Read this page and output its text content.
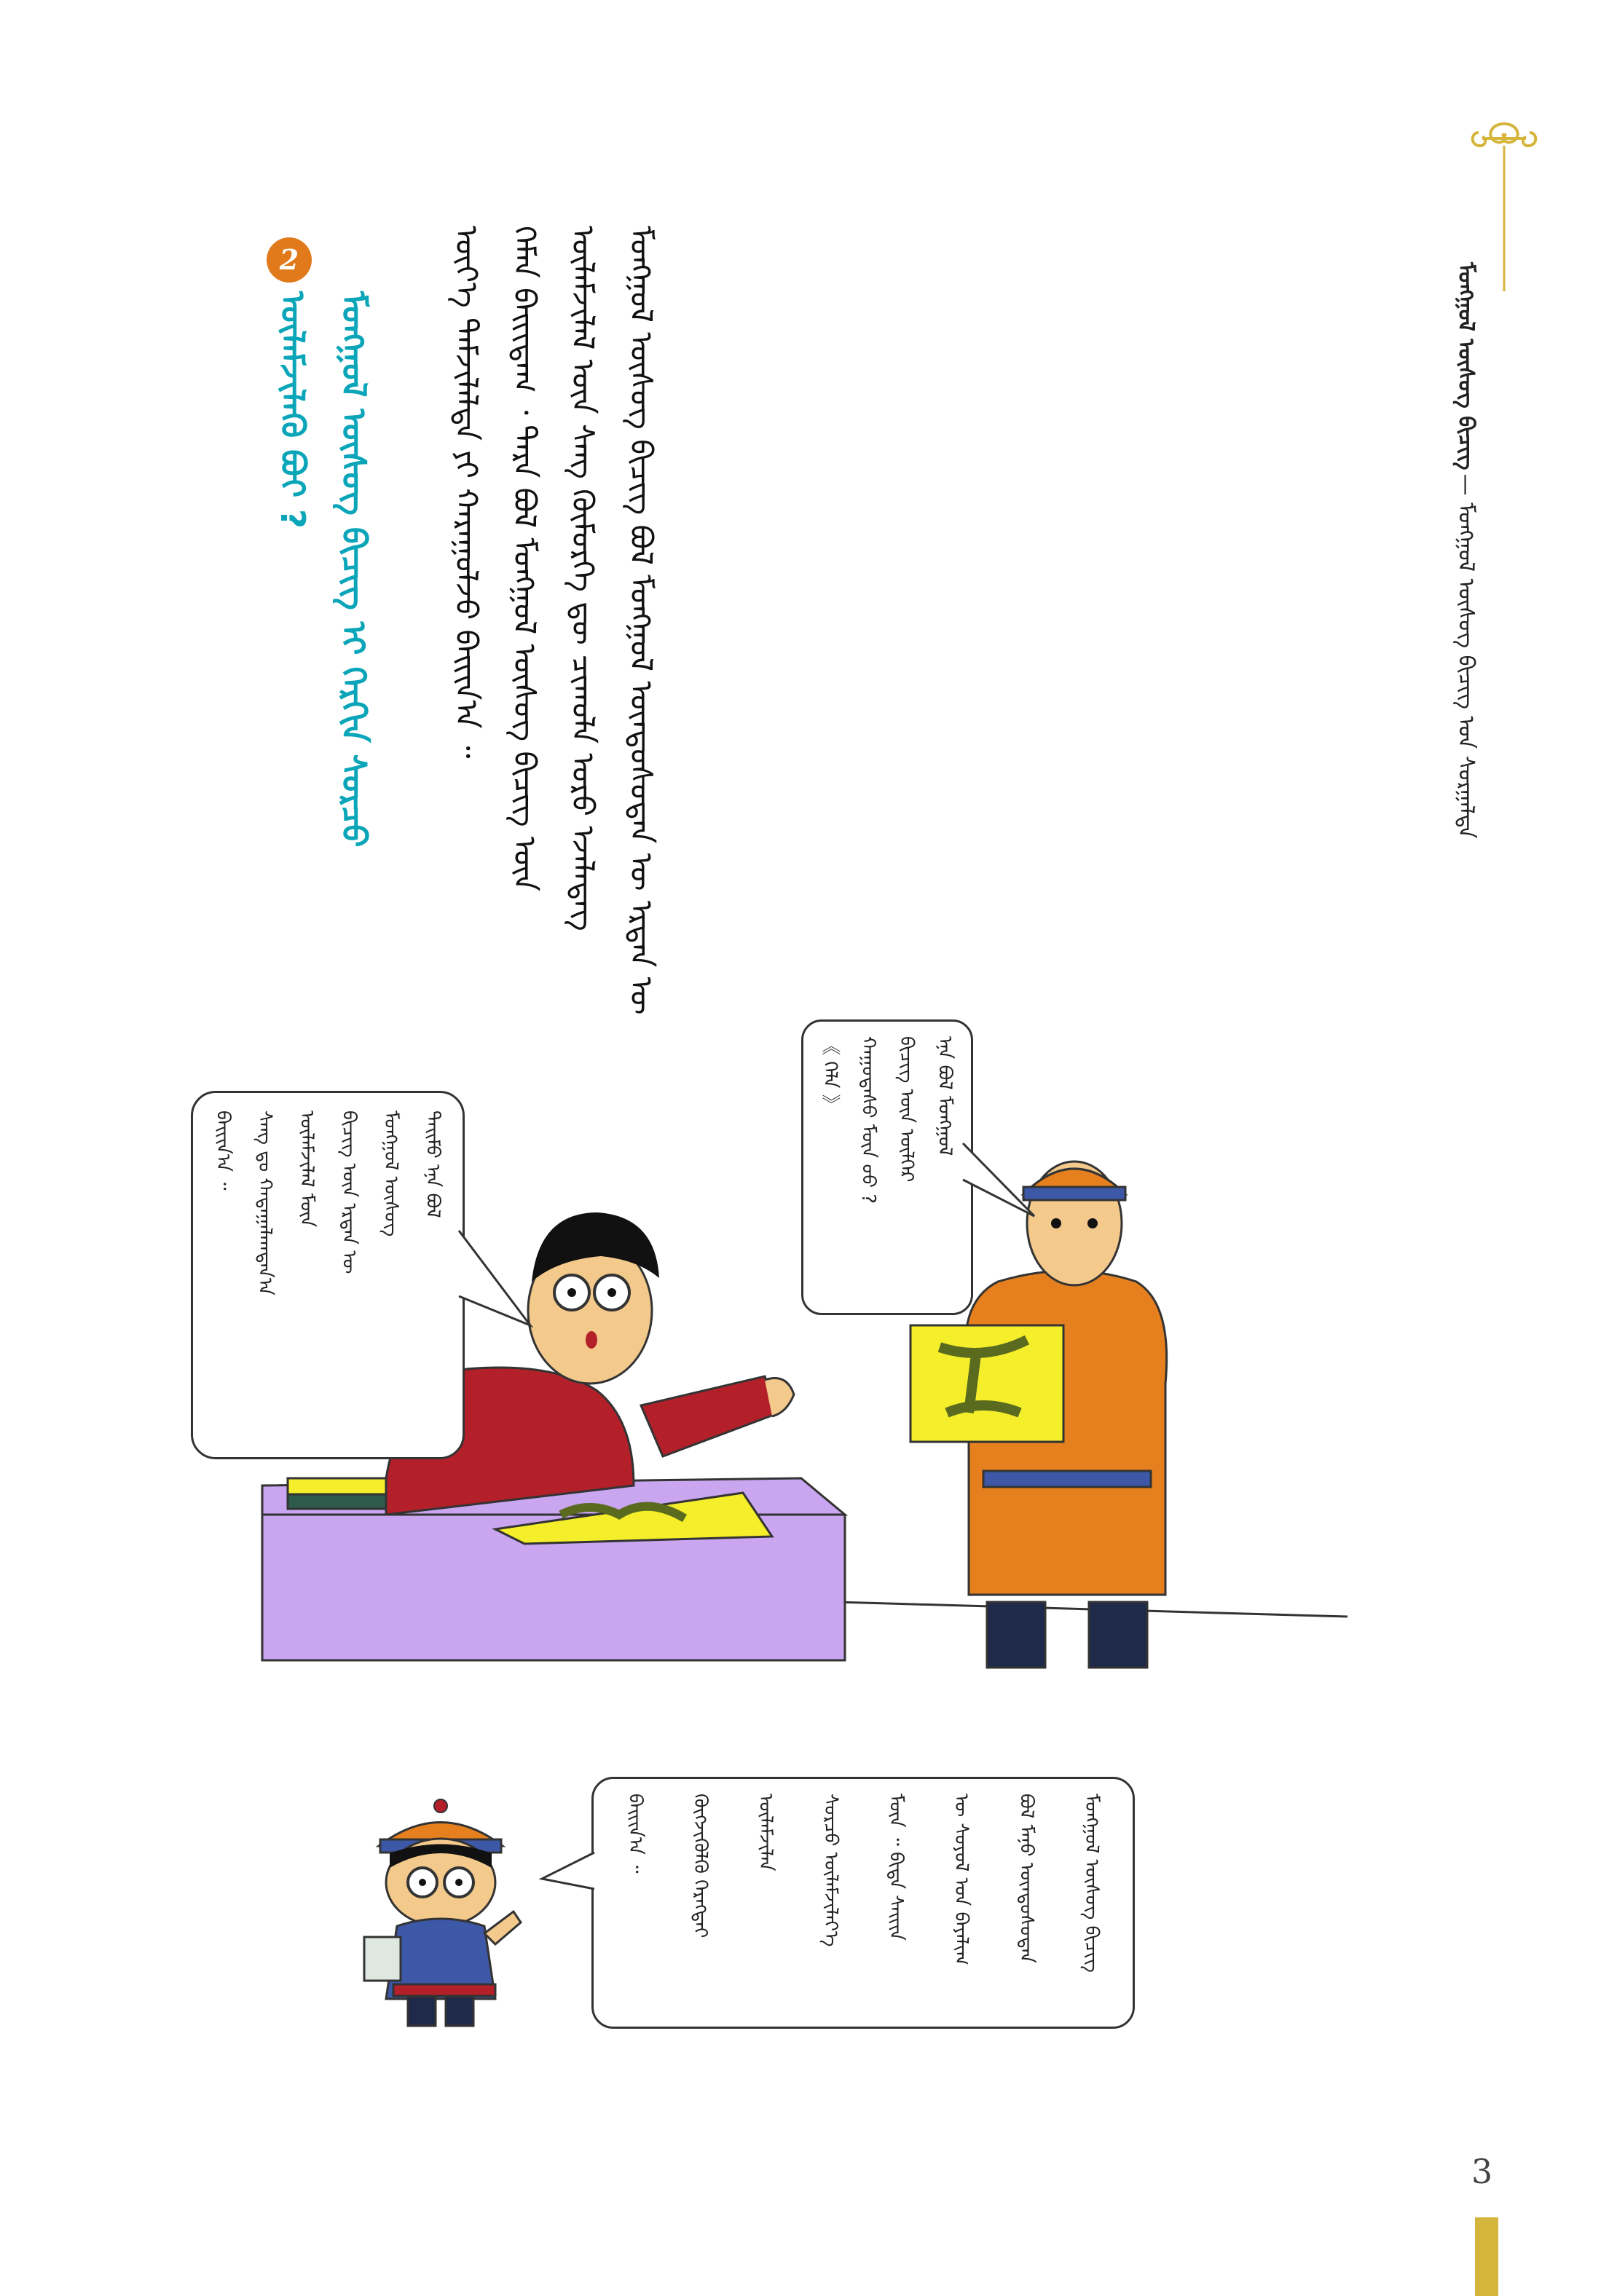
ᠮᠣᠩᠭᠣᠯ ᠦᠰᠦᠭ ᠪᠢᠴᠢᠭ — ᠮᠣᠩᠭᠣᠯ ᠦᠰᠦᠭ ᠪᠢᠴᠢᠭ᠌ ᠤᠨ ᠰᠤᠷᠭᠠᠯᠲᠠ
ᠮᠣᠩᠭᠣᠯ ᠦᠰᠦᠭ ᠪᠢᠴᠢᠭ ᠪᠣᠯ ᠮᠣᠩᠭᠣᠯ ᠦᠨᠳᠦᠰᠦᠲᠡᠨ ᠦ ᠡᠷᠲᠡᠨ ᠦ
ᠦᠯᠡᠮᠵᠢᠯᠡᠯ ᠦᠨ ᠰᠠᠩ ᠬᠥᠮᠦᠷᠭᠡ ᠳᠦ ᠴᠢᠬᠤᠯᠠ ᠣᠷᠣ ᠡᠵᠡᠯᠡᠳᠡᠭ
ᠬᠡᠮᠡᠨ ᠪᠠᠢᠢᠳᠠᠭ ᠂ ᠲᠡᠷᠡ ᠪᠣᠯ ᠮᠣᠩᠭᠣᠯ ᠦᠰᠦᠭ ᠪᠢᠴᠢᠭ ᠦᠨ
ᠦᠶ᠎ᠡ ᠳᠠᠮᠵᠢᠯᠠᠯᠲᠠ ᠶᠢ ᠬᠠᠷᠠᠭᠤᠯᠵᠤ ᠪᠠᠢᠢᠨ᠎ᠠ ᠃
2
ᠮᠣᠩᠭᠣᠯ ᠦᠰᠦᠭ ᠪᠢᠴᠢᠭ ᠢ ᠬᠡᠷᠬᠢᠨ ᠰᠤᠷᠴᠤ
ᠦᠯᠡᠮᠵᠢᠯᠡᠬᠦ ᠪᠤᠢ ?
ᠡᠨᠡ ᠪᠣᠯ ᠮᠣᠩᠭᠣᠯ
ᠪᠢᠴᠢᠭ ᠦᠨ ᠦᠯᠭᠡᠷ
ᠬᠠᠭᠤᠳᠠᠰᠤ ᠮᠥᠨ ᠦᠦ ?
《 ᠬᠡᠯᠡ 》
ᠲᠡᠢᠮᠦ ᠡᠨᠡ ᠪᠣᠯ
ᠮᠣᠩᠭᠣᠯ ᠦᠰᠦᠭ
ᠪᠢᠴᠢᠭ ᠦᠨ ᠡᠷᠲᠡᠨ ᠦ
ᠦᠯᠡᠮᠵᠢᠯᠡᠯ ᠮᠥᠨ
ᠰᠠᠩ ᠳᠤ ᠬᠠᠳᠠᠭᠠᠯᠠᠭᠳᠠᠨ᠎ᠠ
ᠪᠠᠢᠢᠨ᠎ᠠ ᠃
ᠮᠣᠩᠭᠣᠯ ᠦᠰᠦᠭ ᠪᠢᠴᠢᠭ
ᠪᠣᠯ ᠮᠠᠨᠤ ᠦᠨᠳᠦᠰᠦᠲᠡᠨ
ᠦ ᠰᠣᠶᠣᠯ ᠤᠨ ᠪᠠᠶᠠᠯᠢᠭ
ᠮᠥᠨ ᠃ ᠪᠢᠳᠡ ᠰᠠᠢᠢᠨ
ᠰᠤᠷᠴᠤ ᠦᠯᠡᠮᠵᠢᠯᠡᠶ᠎ᠡ
ᠦᠯᠡᠮᠵᠢᠯᠡᠨ
ᠬᠥᠭᠵᠢᠭᠦᠯᠬᠦ ᠬᠡᠷᠡᠭᠲᠡᠢ
ᠪᠠᠢᠢᠨ᠎ᠠ ᠃
3
